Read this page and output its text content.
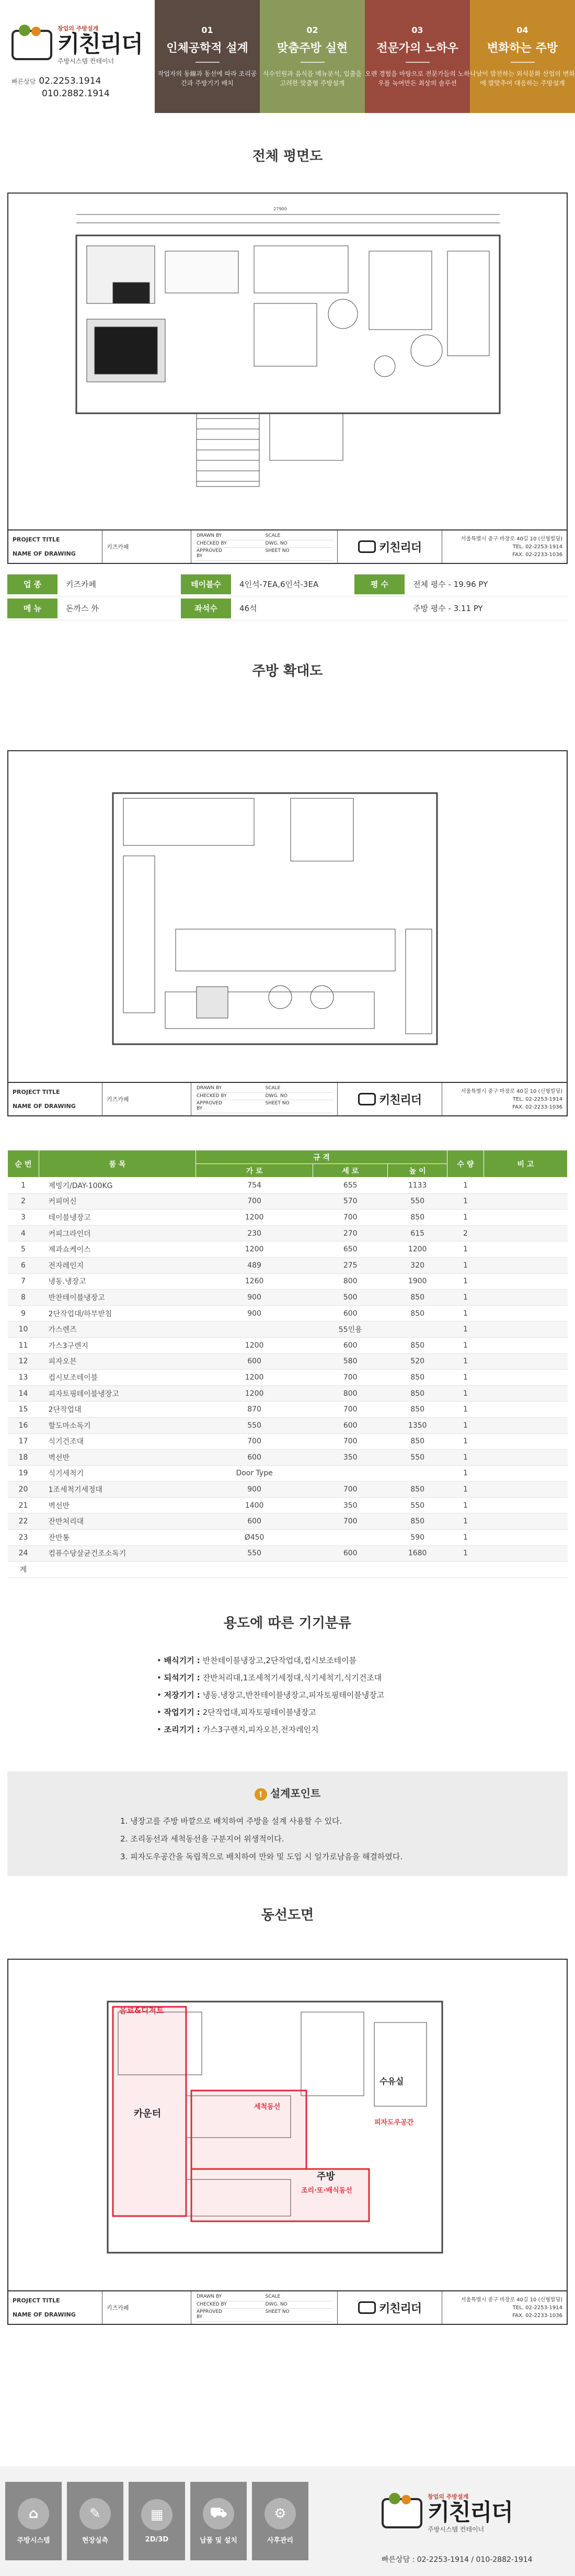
창업의 주방설계
키친리더
주방시스템 컨테이너
빠른상담 02.2253.1914
010.2882.1914
01
인체공학적 설계
작업자의 동線과 동선에 따라 조리공간과 주방기기 배치
02
맞춤주방 실현
식수인원과 음식을 메뉴분석, 입출을 고려한 맞춤형 주방설계
03
전문가의 노하우
오랜 경험을 바탕으로 전문가들의 노하우를 녹여만든 최상의 솔루션
04
변화하는 주방
나날이 발전하는 외식문화 산업의 변화에 발맞추어 대응하는 주방설계
전체 평면도
27900
PROJECT TITLE
NAME OF DRAWING
키즈카페
DRAWN BY	SCALE
CHECKED BY	DWG. NO
APPROVED BY
SHEET NO	키친리더
서울특별시 중구 마장로 40길 10 (신형빌딩)
TEL. 02-2253-1914
FAX. 02-2233-1036
업 종	키즈카페	테이블수	4인석-7EA,6인석-3EA	평 수	전체 평수 - 19.96 PY
메 뉴	돈까스 外	좌석수	46석	주방 평수 - 3.11 PY
주방 확대도
PROJECT TITLE
NAME OF DRAWING
키즈카페
DRAWN BY	SCALE
CHECKED BY	DWG. NO
APPROVED BY
SHEET NO	키친리더
서울특별시 중구 마장로 40길 10 (신형빌딩)
TEL. 02-2253-1914
FAX. 02-2233-1036
순 번	품 목	규 격			수 량	비 고
		가 로	세 로	높 이		
1	제빙기/DAY-100KG	754	655	1133	1	
2	커피머신	700	570	550	1	
3	테이블냉장고	1200	700	850	1	
4	커피그라인더	230	270	615	2	
5	제과쇼케이스	1200	650	1200	1	
6	전자레인지	489	275	320	1	
7	냉동.냉장고	1260	800	1900	1	
8	반찬테이블냉장고	900	500	850	1	
9	2단작업대/하부받침	900	600	850	1	
10	가스렌즈		55인용		1	
11	가스3구렌지	1200	600	850	1	
12	피자오븐	600	580	520	1	
13	컵시보조테이블	1200	700	850	1	
14	피자토핑테이블냉장고	1200	800	850	1	
15	2단작업대	870	700	850	1	
16	할도마소독기	550	600	1350	1	
17	식기건조대	700	700	850	1	
18	벽선반	600	350	550	1	
19	식기세척기	Door Type			1	
20	1조세척기세정대	900	700	850	1	
21	벽선반	1400	350	550	1	
22	잔반처리대	600	700	850	1	
23	잔반통	Ø450		590	1	
24	컴퓨수당살균건조소독기	550	600	1680	1	
계						
용도에 따른 기기분류
• 배식기기 : 반찬테이블냉장고,2단작업대,컵시보조테이블
• 되석기기 : 잔반처리대,1조세척기세정대,식기세척기,식기건조대
• 저장기기 : 냉동.냉장고,반찬테이블냉장고,피자토핑테이블냉장고
• 작업기기 : 2단작업대,피자토핑테이블냉장고
• 조리기기 : 가스3구렌지,피자오븐,전자레인지
! 설계포인트
1. 냉장고를 주방 바깥으로 배치하여 주방을 설계 사용할 수 있다.
2. 조리동선과 세척동선을 구분지어 위생적이다.
3. 피자도우공간을 독립적으로 배치하여 만와 및 도입 시 일가로남음을 해결하였다.
동선도면
음료&디저트
카운터
주방
세척동선
수유실
조리·또·배식동선
피자도우공간
PROJECT TITLE
NAME OF DRAWING
키즈카페
DRAWN BY	SCALE
CHECKED BY	DWG. NO
APPROVED BY
SHEET NO	키친리더
서울특별시 중구 마장로 40길 10 (신형빌딩)
TEL. 02-2253-1914
FAX. 02-2233-1036
⌂
주방시스템
✎
현장실측
▦
2D/3D
⛟
납품 및 설치
⚙
사후관리
창업의 주방설계
키친리더
주방시스템 컨테이너
빠른상담 : 02-2253-1914 / 010-2882-1914
